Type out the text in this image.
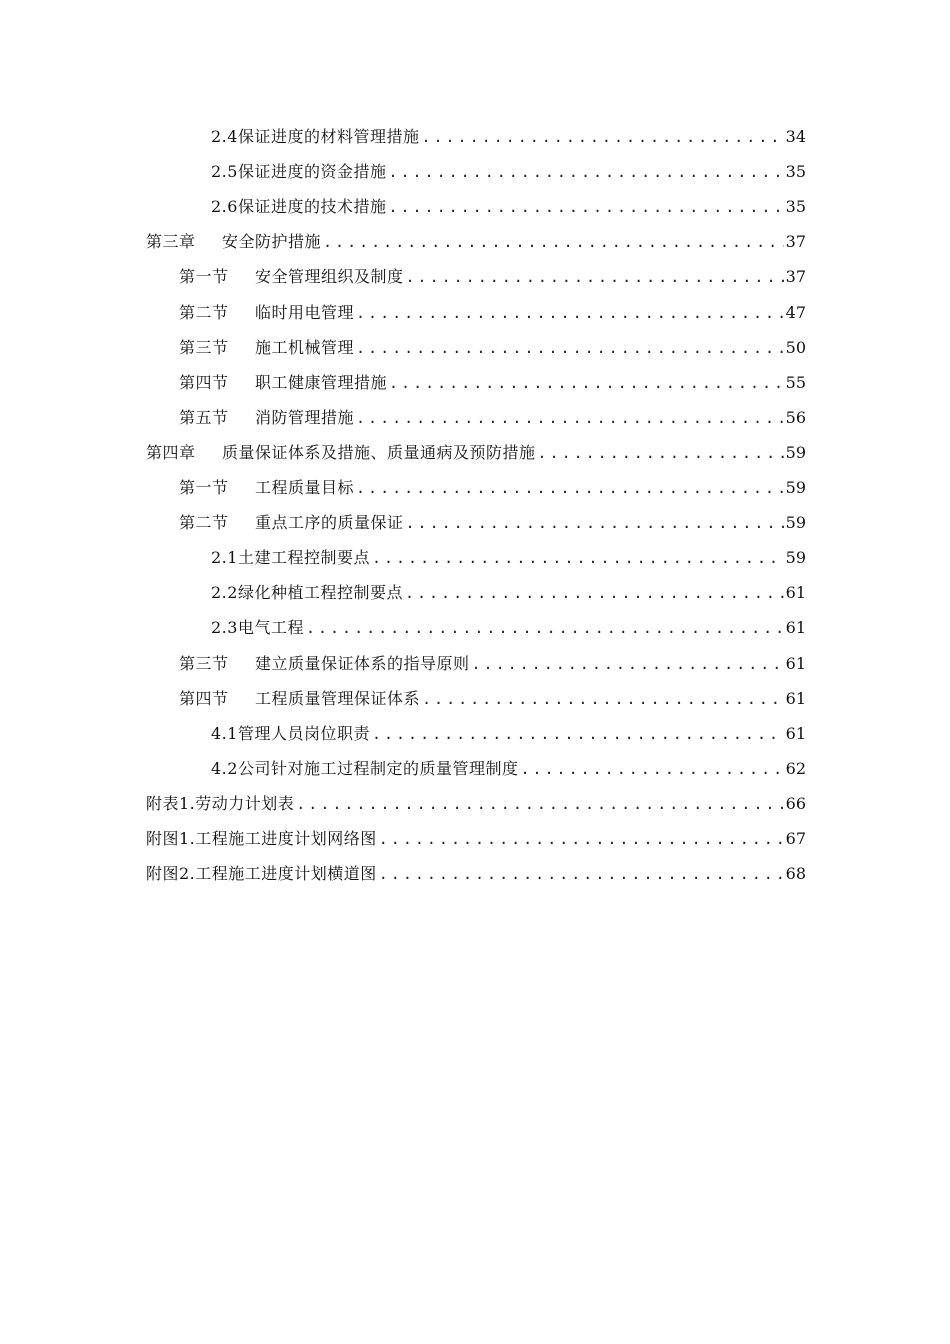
2.4保证进度的材料管理措施 .....	34
2.5保证进度的资金措施 .....	35
2.6保证进度的技术措施 .....	35
第三章 安全防护措施 .....	37
第一节 安全管理组织及制度 .....	37
第二节 临时用电管理 .....	47
第三节 施工机械管理 .....	50
第四节 职工健康管理措施 .....	55
第五节 消防管理措施 .....	56
第四章 质量保证体系及措施、质量通病及预防措施 .....	59
第一节 工程质量目标 .....	59
第二节 重点工序的质量保证 .....	59
2.1土建工程控制要点 .....	59
2.2绿化种植工程控制要点 .....	61
2.3电气工程 .....	61
第三节 建立质量保证体系的指导原则 .....	61
第四节 工程质量管理保证体系 .....	61
4.1管理人员岗位职责 .....	61
4.2公司针对施工过程制定的质量管理制度 .....	62
附表1.劳动力计划表 .....	66
附图1.工程施工进度计划网络图 .....	67
附图2.工程施工进度计划横道图 .....	68
